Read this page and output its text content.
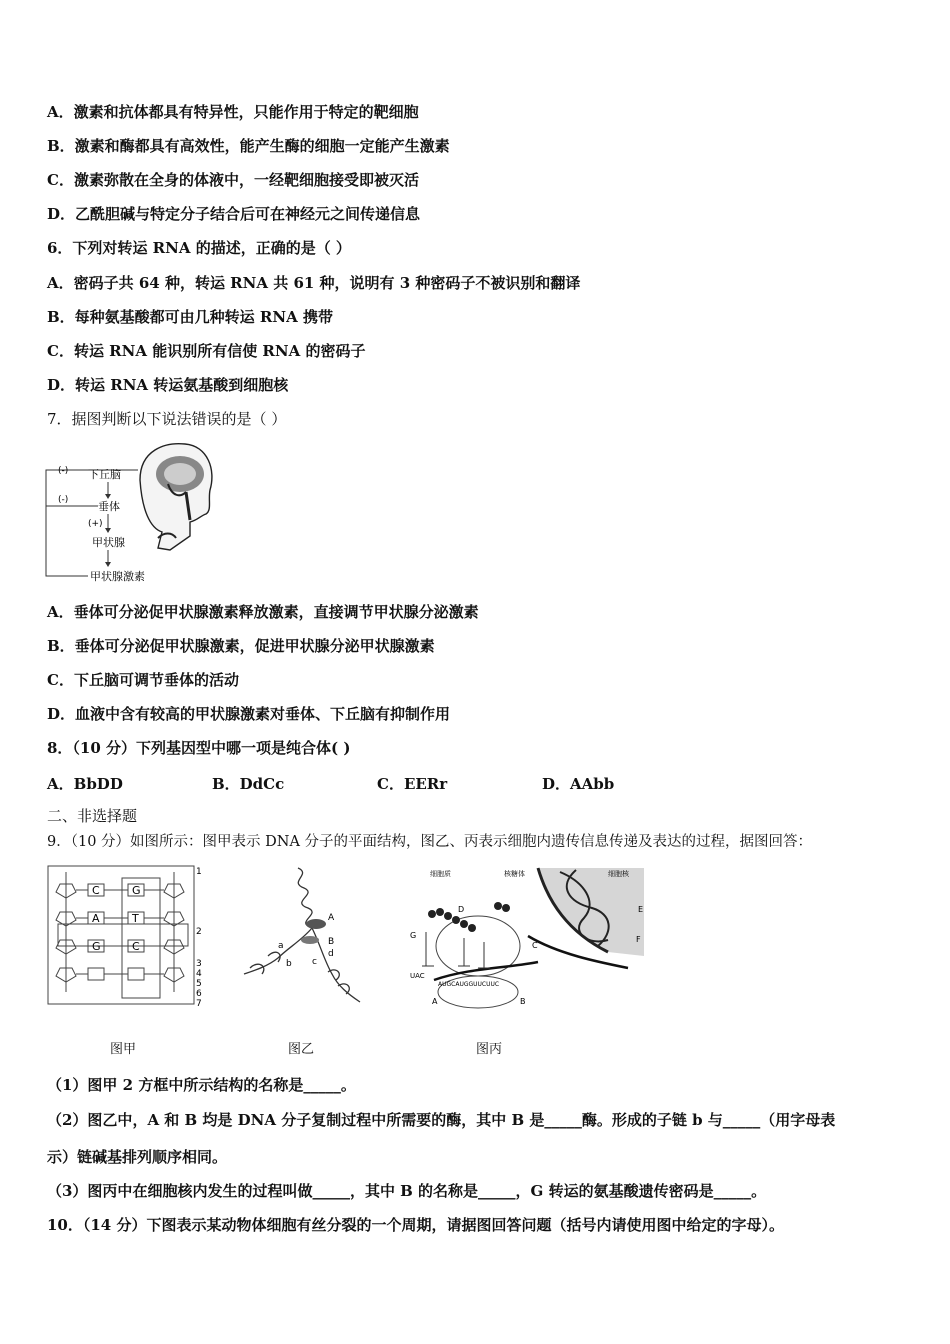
A．激素和抗体都具有特异性，只能作用于特定的靶细胞
B．激素和酶都具有高效性，能产生酶的细胞一定能产生激素
C．激素弥散在全身的体液中，一经靶细胞接受即被灭活
D．乙酰胆碱与特定分子结合后可在神经元之间传递信息
6．下列对转运 RNA 的描述，正确的是（ ）
A．密码子共 64 种，转运 RNA 共 61 种，说明有 3 种密码子不被识别和翻译
B．每种氨基酸都可由几种转运 RNA 携带
C．转运 RNA 能识别所有信使 RNA 的密码子
D．转运 RNA 转运氨基酸到细胞核
7．据图判断以下说法错误的是（ ）
(-)
(-)
下丘脑
垂体
(+)
甲状腺
甲状腺激素
A．垂体可分泌促甲状腺激素释放激素，直接调节甲状腺分泌激素
B．垂体可分泌促甲状腺激素，促进甲状腺分泌甲状腺激素
C．下丘脑可调节垂体的活动
D．血液中含有较高的甲状腺激素对垂体、下丘脑有抑制作用
8．（10 分）下列基因型中哪一项是纯合体( )
A．BbDD	B．DdCc	C．EERr	D．AAbb
二、非选择题
9．（10 分）如图所示：图甲表示 DNA 分子的平面结构，图乙、丙表示细胞内遗传信息传递及表达的过程，据图回答：
C	G
A	T
G	C
1
2
3
4
5
6
7
图甲
A
B
a
b c
d
图乙
细胞质	核糖体	细胞核
D
G
C
E
F
UAC
AUGCAUGGUUCUUC
A	B
图丙
（1）图甲 2 方框中所示结构的名称是_____。
（2）图乙中，A 和 B 均是 DNA 分子复制过程中所需要的酶，其中 B 是_____酶。形成的子链 b 与_____（用字母表
示）链碱基排列顺序相同。
（3）图丙中在细胞核内发生的过程叫做_____，其中 B 的名称是_____，G 转运的氨基酸遗传密码是_____。
10．（14 分）下图表示某动物体细胞有丝分裂的一个周期，请据图回答问题（括号内请使用图中给定的字母）。
